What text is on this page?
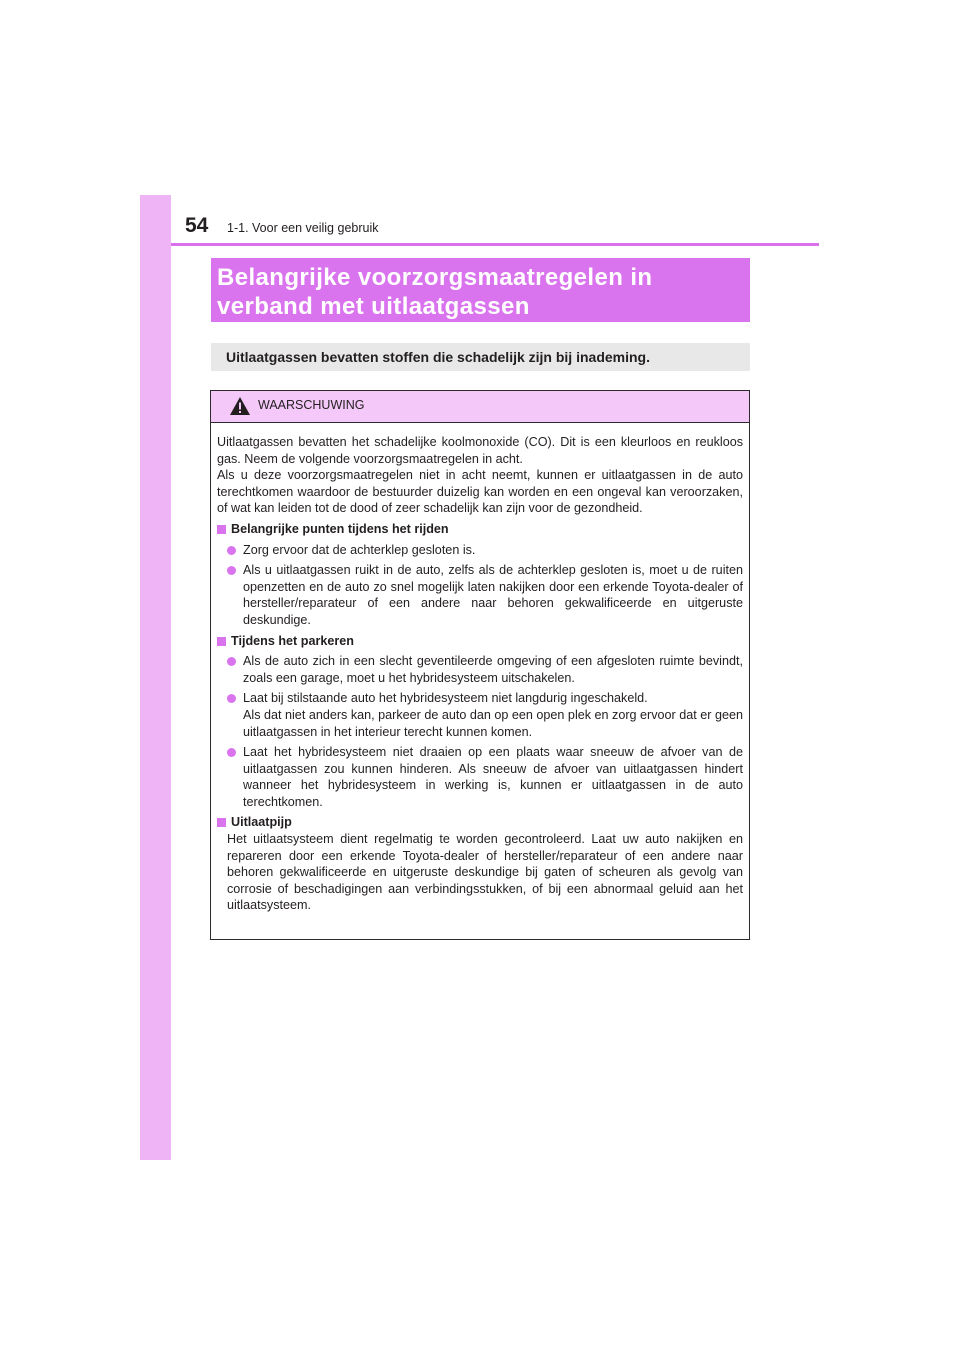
54 1-1. Voor een veilig gebruik
Belangrijke voorzorgsmaatregelen in
verband met uitlaatgassen
Uitlaatgassen bevatten stoffen die schadelijk zijn bij inademing.
WAARSCHUWING

Uitlaatgassen bevatten het schadelijke koolmonoxide (CO). Dit is een kleurloos en reukloos gas. Neem de volgende voorzorgsmaatregelen in acht.

Als u deze voorzorgsmaatregelen niet in acht neemt, kunnen er uitlaatgassen in de auto terechtkomen waardoor de bestuurder duizelig kan worden en een ongeval kan veroorzaken, of wat kan leiden tot de dood of zeer schadelijk kan zijn voor de gezondheid.

Belangrijke punten tijdens het rijden
Zorg ervoor dat de achterklep gesloten is.
Als u uitlaatgassen ruikt in de auto, zelfs als de achterklep gesloten is, moet u de ruiten openzetten en de auto zo snel mogelijk laten nakijken door een erkende Toyota-dealer of hersteller/reparateur of een andere naar behoren gekwalificeerde en uitgeruste deskundige.
Tijdens het parkeren
Als de auto zich in een slecht geventileerde omgeving of een afgesloten ruimte bevindt, zoals een garage, moet u het hybridesysteem uitschakelen.
Laat bij stilstaande auto het hybridesysteem niet langdurig ingeschakeld.
Als dat niet anders kan, parkeer de auto dan op een open plek en zorg ervoor dat er geen uitlaatgassen in het interieur terecht kunnen komen.
Laat het hybridesysteem niet draaien op een plaats waar sneeuw de afvoer van de uitlaatgassen zou kunnen hinderen. Als sneeuw de afvoer van uitlaatgassen hindert wanneer het hybridesysteem in werking is, kunnen er uitlaatgassen in de auto terechtkomen.
Uitlaatpijp
Het uitlaatsysteem dient regelmatig te worden gecontroleerd. Laat uw auto nakijken en repareren door een erkende Toyota-dealer of hersteller/reparateur of een andere naar behoren gekwalificeerde en uitgeruste deskundige bij gaten of scheuren als gevolg van corrosie of beschadigingen aan verbindingsstukken, of bij een abnormaal geluid aan het uitlaatsysteem.
